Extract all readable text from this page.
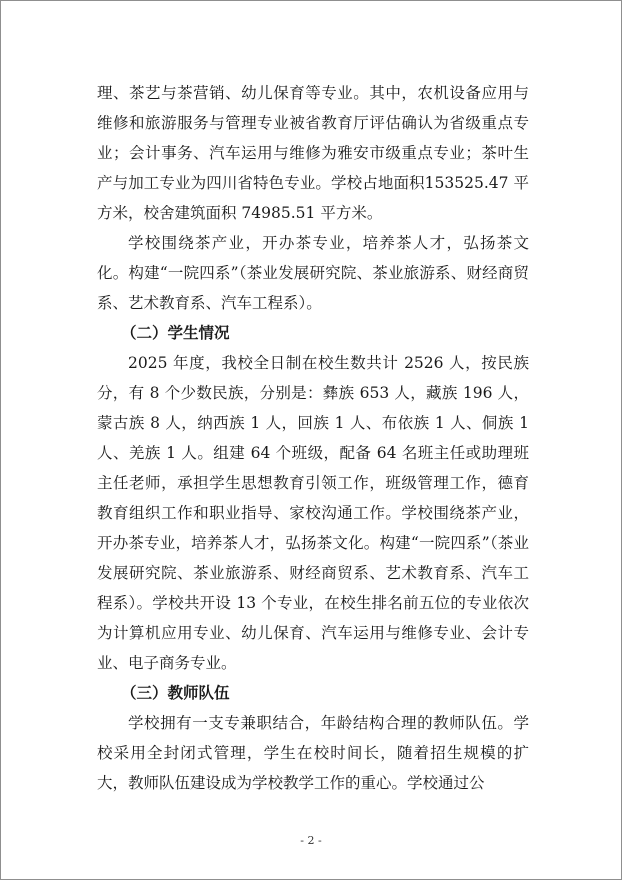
理、茶艺与茶营销、幼儿保育等专业。其中，农机设备应用与维修和旅游服务与管理专业被省教育厅评估确认为省级重点专业；会计事务、汽车运用与维修为雅安市级重点专业；茶叶生产与加工专业为四川省特色专业。学校占地面积153525.47 平方米，校舍建筑面积 74985.51 平方米。

学校围绕茶产业，开办茶专业，培养茶人才，弘扬茶文化。构建“一院四系”（茶业发展研究院、茶业旅游系、财经商贸系、艺术教育系、汽车工程系）。

（二）学生情况

2025 年度，我校全日制在校生数共计 2526 人，按民族分，有 8 个少数民族，分别是：彝族 653 人，藏族 196 人，蒙古族 8 人，纳西族 1 人，回族 1 人、布依族 1 人、侗族 1人、羌族 1 人。组建 64 个班级，配备 64 名班主任或助理班主任老师，承担学生思想教育引领工作，班级管理工作，德育教育组织工作和职业指导、家校沟通工作。学校围绕茶产业，开办茶专业，培养茶人才，弘扬茶文化。构建“一院四系”（茶业发展研究院、茶业旅游系、财经商贸系、艺术教育系、汽车工程系）。学校共开设 13 个专业，在校生排名前五位的专业依次为计算机应用专业、幼儿保育、汽车运用与维修专业、会计专业、电子商务专业。

（三）教师队伍

学校拥有一支专兼职结合，年龄结构合理的教师队伍。学校采用全封闭式管理，学生在校时间长，随着招生规模的扩大，教师队伍建设成为学校教学工作的重心。学校通过公

- 2 -
